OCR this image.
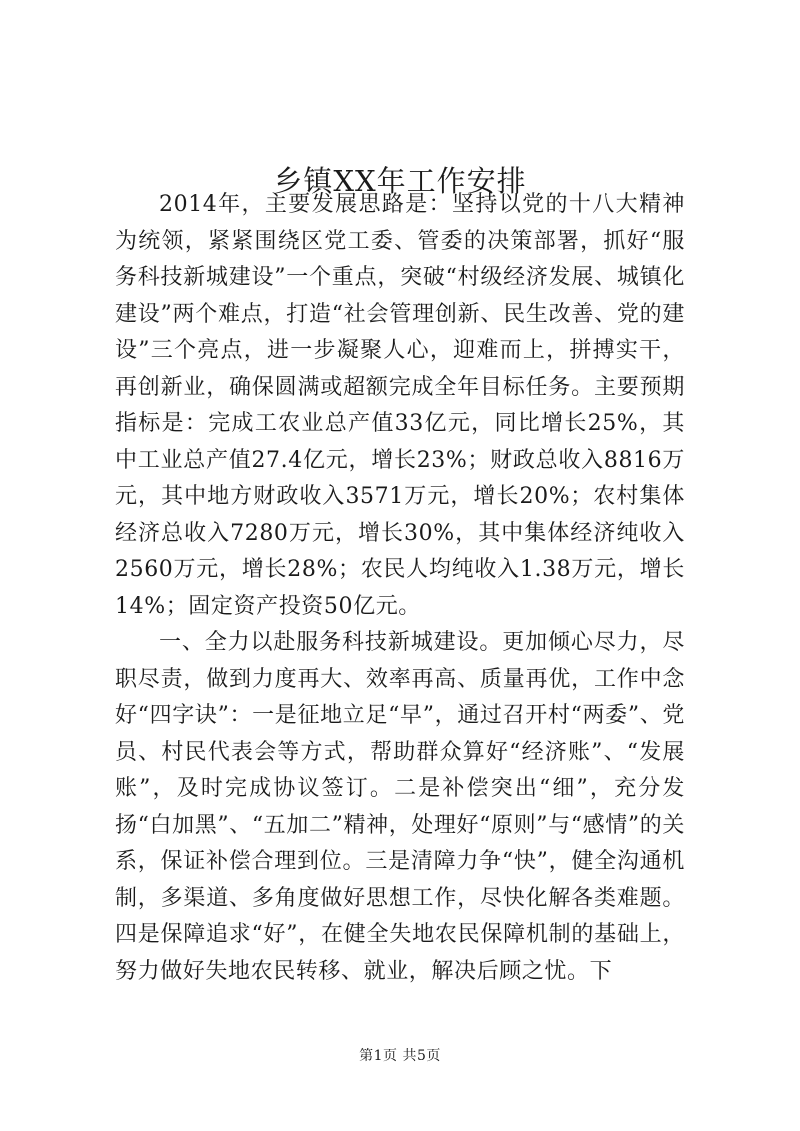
乡镇XX年工作安排

2014年，主要发展思路是：坚持以党的十八大精神为统领，紧紧围绕区党工委、管委的决策部署，抓好“服务科技新城建设”一个重点，突破“村级经济发展、城镇化建设”两个难点，打造“社会管理创新、民生改善、党的建设”三个亮点，进一步凝聚人心，迎难而上，拼搏实干，再创新业，确保圆满或超额完成全年目标任务。主要预期指标是：完成工农业总产值33亿元，同比增长25%，其中工业总产值27.4亿元，增长23%；财政总收入8816万元，其中地方财政收入3571万元，增长20%；农村集体经济总收入7280万元，增长30%，其中集体经济纯收入2560万元，增长28%；农民人均纯收入1.38万元，增长14%；固定资产投资50亿元。

一、全力以赴服务科技新城建设。更加倾心尽力，尽职尽责，做到力度再大、效率再高、质量再优，工作中念好“四字诀”：一是征地立足“早”，通过召开村“两委”、党员、村民代表会等方式，帮助群众算好“经济账”、“发展账”，及时完成协议签订。二是补偿突出“细”，充分发扬“白加黑”、“五加二”精神，处理好“原则”与“感情”的关系，保证补偿合理到位。三是清障力争“快”，健全沟通机制，多渠道、多角度做好思想工作，尽快化解各类难题。四是保障追求“好”，在健全失地农民保障机制的基础上，努力做好失地农民转移、就业，解决后顾之忧。下

第1页 共5页
